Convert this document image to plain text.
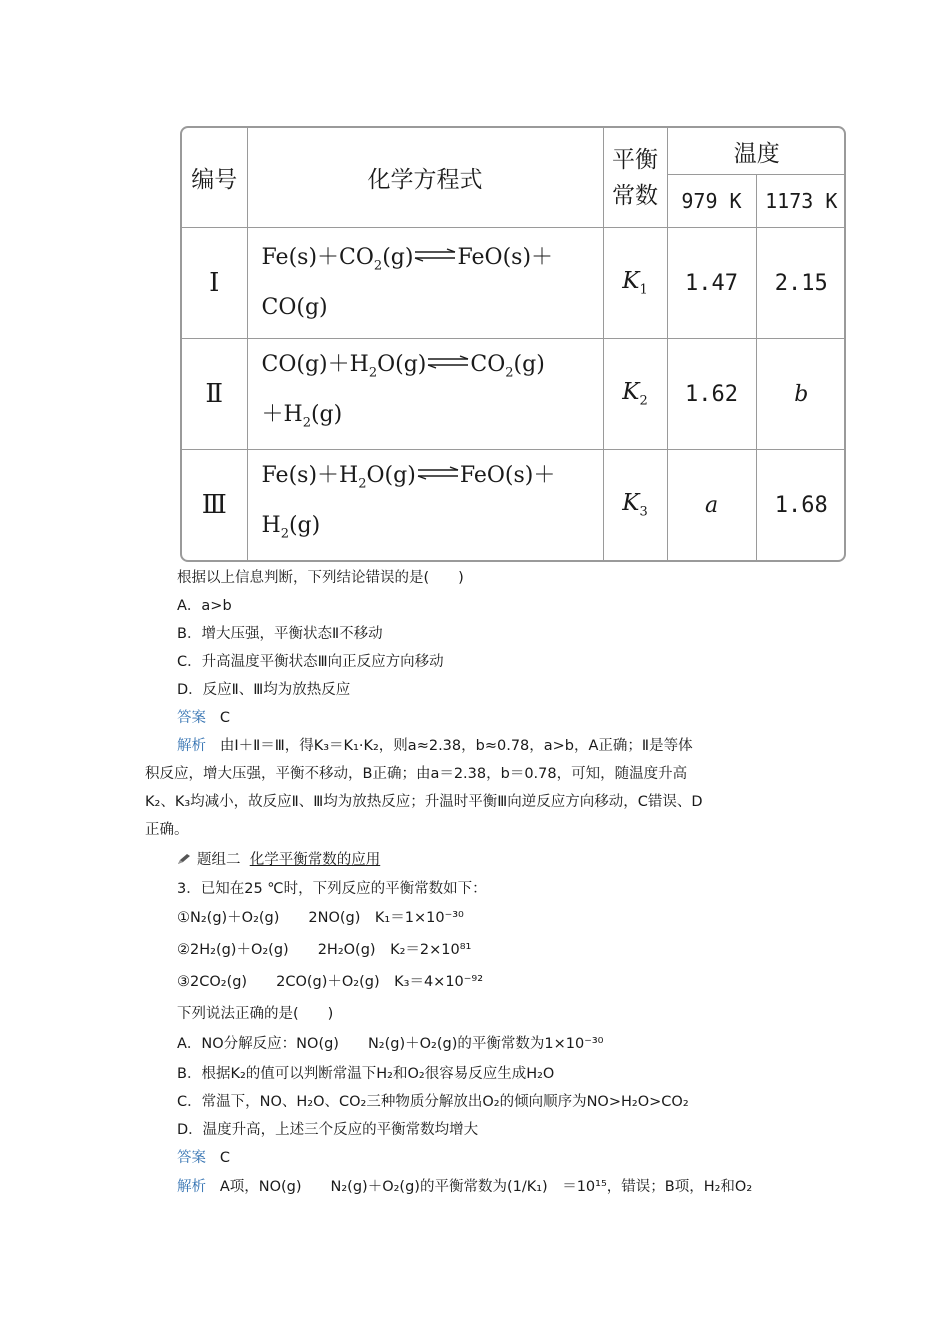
编号	化学方程式	平衡
常数	温度	
			979 K	1173 K
Ⅰ	$Fe(s)+CO_2(g)\rightleftharpoons FeO(s)+$
CO(g)	$K_1$	1.47	2.15
Ⅱ	$CO(g)+H_2O(g)\rightleftharpoons CO_2(g)$
$+H_2(g)$	$K_2$	1.62	b
Ⅲ	$Fe(s)+H_2O(g)\rightleftharpoons FeO(s)+$
$H_2(g)$	$K_3$	a	1.68
根据以上信息判断，下列结论错误的是(　　)
A．a>b
B．增大压强，平衡状态Ⅱ不移动
C．升高温度平衡状态Ⅲ向正反应方向移动
D．反应Ⅱ、Ⅲ均为放热反应
答案 C
解析 由Ⅰ＋Ⅱ＝Ⅲ，得K₃＝K₁·K₂，则a≈2.38，b≈0.78，a>b，A正确；Ⅱ是等体
积反应，增大压强，平衡不移动，B正确；由a＝2.38，b＝0.78，可知，随温度升高
K₂、K₃均减小，故反应Ⅱ、Ⅲ均为放热反应；升温时平衡Ⅲ向逆反应方向移动，C错误、D
正确。
题组二 化学平衡常数的应用
3．已知在25 ℃时，下列反应的平衡常数如下：
①N₂(g)＋O₂(g)　　2NO(g)　K₁＝1×10⁻³⁰
②2H₂(g)＋O₂(g)　　2H₂O(g)　K₂＝2×10⁸¹
③2CO₂(g)　　2CO(g)＋O₂(g)　K₃＝4×10⁻⁹²
下列说法正确的是(　　)
A．NO分解反应：NO(g)　　N₂(g)＋O₂(g)的平衡常数为1×10⁻³⁰
B．根据K₂的值可以判断常温下H₂和O₂很容易反应生成H₂O
C．常温下，NO、H₂O、CO₂三种物质分解放出O₂的倾向顺序为NO>H₂O>CO₂
D．温度升高，上述三个反应的平衡常数均增大
答案 C
解析 A项，NO(g)　　N₂(g)＋O₂(g)的平衡常数为(1/K₁)　＝10¹⁵，错误；B项，H₂和O₂
